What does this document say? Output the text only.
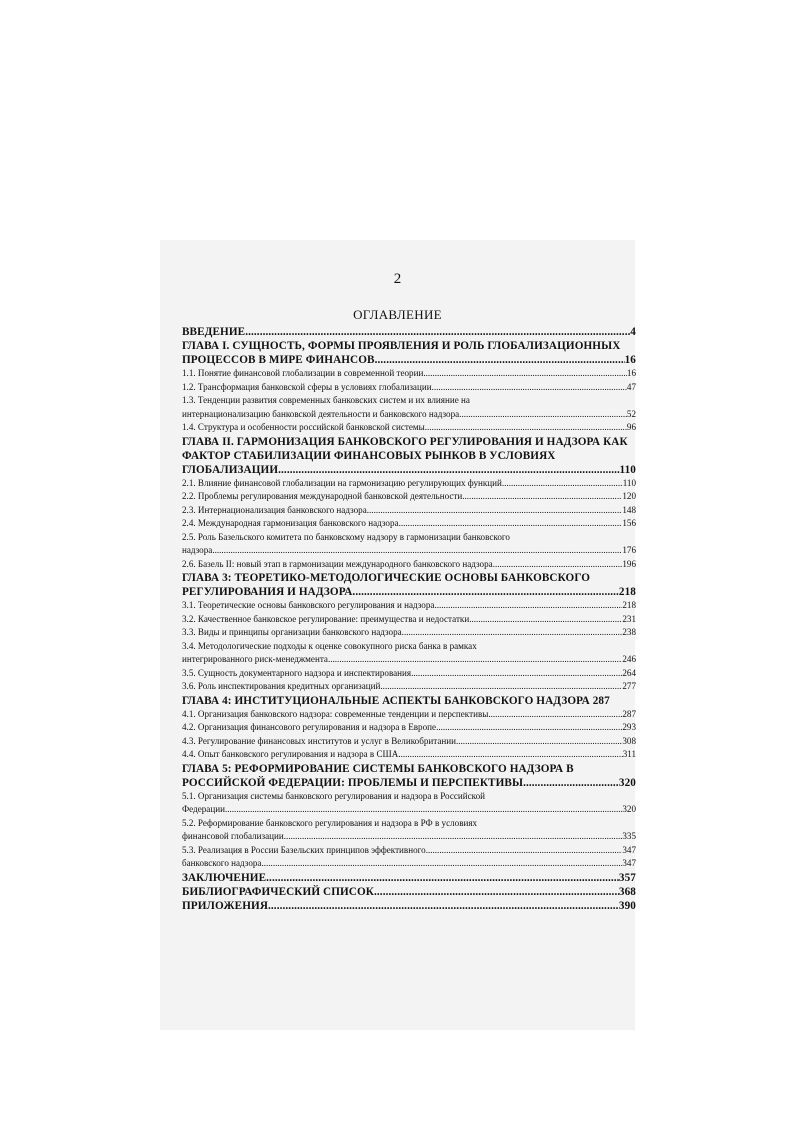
2
ОГЛАВЛЕНИЕ
ВВЕДЕНИЕ .....	4
ГЛАВА I. СУЩНОСТЬ, ФОРМЫ ПРОЯВЛЕНИЯ И РОЛЬ ГЛОБАЛИЗАЦИОННЫХ
ПРОЦЕССОВ В МИРЕ ФИНАНСОВ .....	16
1.1. Понятие финансовой глобализации в современной теории .....	16
1.2. Трансформация банковской сферы в условиях глобализации .....	47
1.3. Тенденции развития современных банковских систем и их влияние на
интернационализацию банковской деятельности и банковского надзора .....	52
1.4. Структура и особенности российской банковской системы .....	96
ГЛАВА II. ГАРМОНИЗАЦИЯ БАНКОВСКОГО РЕГУЛИРОВАНИЯ И НАДЗОРА КАК
ФАКТОР СТАБИЛИЗАЦИИ ФИНАНСОВЫХ РЫНКОВ В УСЛОВИЯХ
ГЛОБАЛИЗАЦИИ .....	110
2.1. Влияние финансовой глобализации на гармонизацию регулирующих функций .....	110
2.2. Проблемы регулирования международной банковской деятельности .....	120
2.3. Интернационализация банковского надзора .....	148
2.4. Международная гармонизация банковского надзора .....	156
2.5. Роль Базельского комитета по банковскому надзору в гармонизации банковского
надзора .....	176
2.6. Базель II: новый этап в гармонизации международного банковского надзора .....	196
ГЛАВА 3: ТЕОРЕТИКО-МЕТОДОЛОГИЧЕСКИЕ ОСНОВЫ БАНКОВСКОГО
РЕГУЛИРОВАНИЯ И НАДЗОРА .....	218
3.1. Теоретические основы банковского регулирования и надзора .....	218
3.2. Качественное банковское регулирование: преимущества и недостатки .....	231
3.3. Виды и принципы организации банковского надзора .....	238
3.4. Методологические подходы к оценке совокупного риска банка в рамках
интегрированного риск-менеджмента .....	246
3.5. Сущность документарного надзора и инспектирования .....	264
3.6. Роль инспектирования кредитных организаций .....	277
ГЛАВА 4: ИНСТИТУЦИОНАЛЬНЫЕ АСПЕКТЫ БАНКОВСКОГО НАДЗОРА 287
4.1. Организация банковского надзора: современные тенденции и перспективы .....	287
4.2. Организация финансового регулирования и надзора в Европе .....	293
4.3. Регулирование финансовых институтов и услуг в Великобритании .....	308
4.4. Опыт банковского регулирования и надзора в США .....	311
ГЛАВА 5: РЕФОРМИРОВАНИЕ СИСТЕМЫ БАНКОВСКОГО НАДЗОРА В
РОССИЙСКОЙ ФЕДЕРАЦИИ: ПРОБЛЕМЫ И ПЕРСПЕКТИВЫ .....	320
5.1. Организация системы банковского регулирования и надзора в Российской
Федерации .....	320
5.2. Реформирование банковского регулирования и надзора в РФ в условиях
финансовой глобализации .....	335
5.3. Реализация в России Базельских принципов эффективного .....	347
банковского надзора .....	347
ЗАКЛЮЧЕНИЕ .....	357
БИБЛИОГРАФИЧЕСКИЙ СПИСОК .....	368
ПРИЛОЖЕНИЯ .....	390
